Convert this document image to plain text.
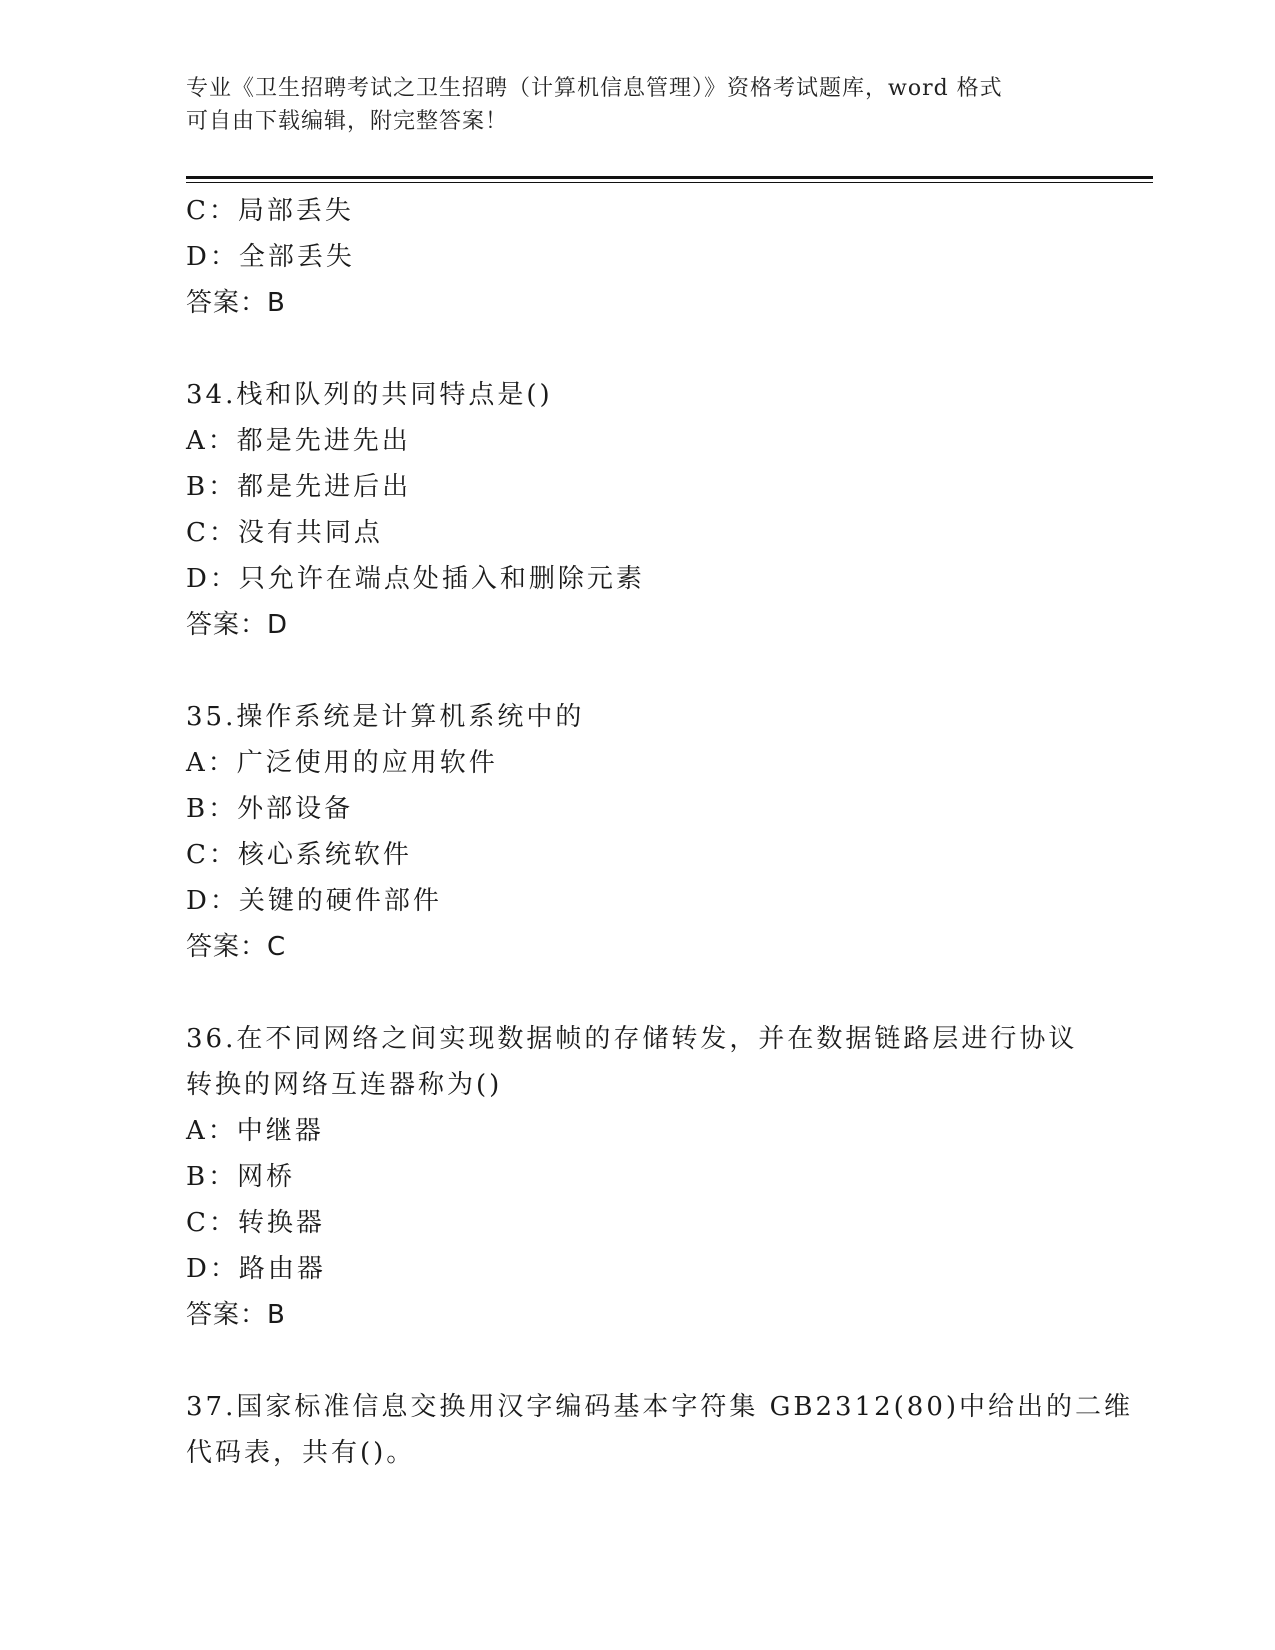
专业《卫生招聘考试之卫生招聘（计算机信息管理）》资格考试题库，word 格式
可自由下载编辑，附完整答案！
C：局部丢失
D：全部丢失
答案：B
34.栈和队列的共同特点是()
A：都是先进先出
B：都是先进后出
C：没有共同点
D：只允许在端点处插入和删除元素
答案：D
35.操作系统是计算机系统中的
A：广泛使用的应用软件
B：外部设备
C：核心系统软件
D：关键的硬件部件
答案：C
36.在不同网络之间实现数据帧的存储转发，并在数据链路层进行协议
转换的网络互连器称为()
A：中继器
B：网桥
C：转换器
D：路由器
答案：B
37.国家标准信息交换用汉字编码基本字符集 GB2312(80)中给出的二维
代码表，共有()。
